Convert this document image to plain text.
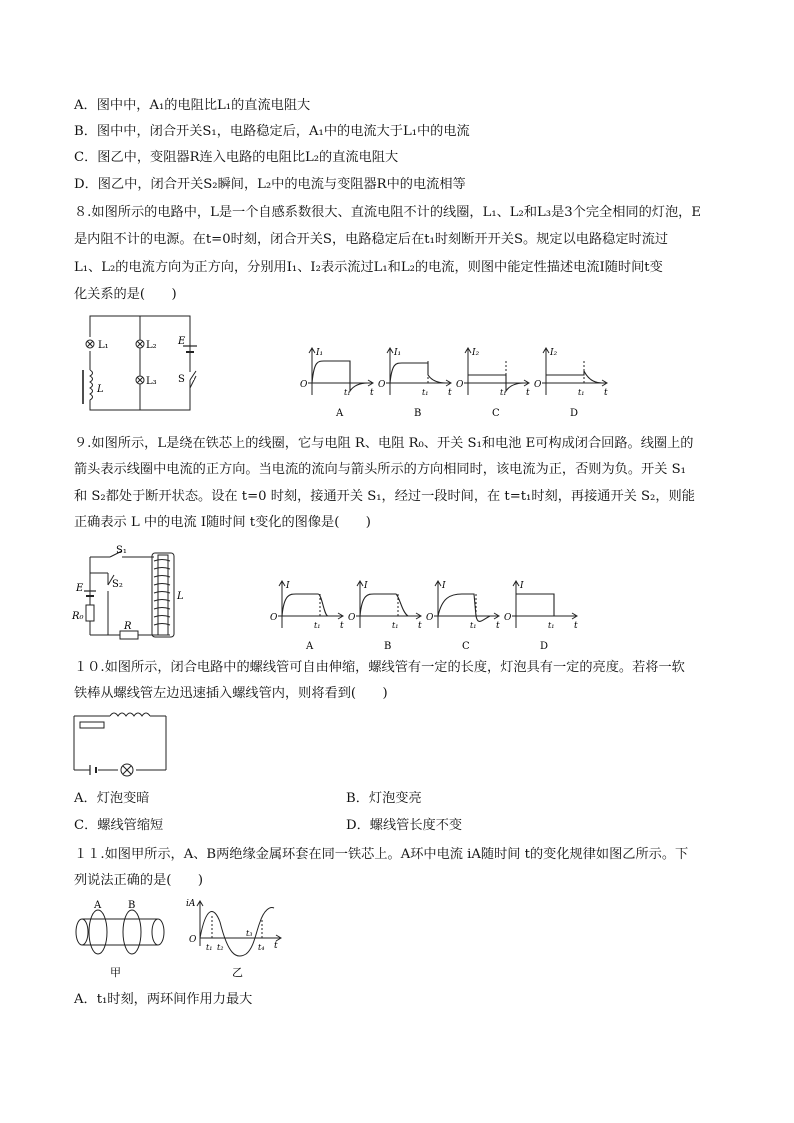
A．图中中，A₁的电阻比L₁的直流电阻大
B．图中中，闭合开关S₁，电路稳定后，A₁中的电流大于L₁中的电流
C．图乙中，变阻器R连入电路的电阻比L₂的直流电阻大
D．图乙中，闭合开关S₂瞬间，L₂中的电流与变阻器R中的电流相等
８.如图所示的电路中，L是一个自感系数很大、直流电阻不计的线圈，L₁、L₂和L₃是3个完全相同的灯泡，E
是内阻不计的电源。在t=0时刻，闭合开关S，电路稳定后在t₁时刻断开开关S。规定以电路稳定时流过
L₁、L₂的电流方向为正方向，分别用I₁、I₂表示流过L₁和L₂的电流，则图中能定性描述电流I随时间t变
化关系的是(　　)
L₁	L₂
L₃
L
E
S	O
I₁
t
t₁
A
O
I₁
t
t₁
B
O
I₂
t
t₁
C
O
I₂
t
t₁
D
９.如图所示，L是绕在铁芯上的线圈，它与电阻 R、电阻 R₀、开关 S₁和电池 E可构成闭合回路。线圈上的
箭头表示线圈中电流的正方向。当电流的流向与箭头所示的方向相同时，该电流为正，否则为负。开关 S₁
和 S₂都处于断开状态。设在 t=0 时刻，接通开关 S₁，经过一段时间，在 t=t₁时刻，再接通开关 S₂，则能
正确表示 L 中的电流 I随时间 t变化的图像是(　　)
S₁
S₂
E
R₀
R
L
O
I
t
t₁
A
O
I
t
t₁
B
O
I
t
t₁
C
O
I
t
t₁
D
１０.如图所示，闭合电路中的螺线管可自由伸缩，螺线管有一定的长度，灯泡具有一定的亮度。若将一软
铁棒从螺线管左边迅速插入螺线管内，则将看到(　　)
A．灯泡变暗	B．灯泡变亮
C．螺线管缩短	D．螺线管长度不变
１１.如图甲所示，A、B两绝缘金属环套在同一铁芯上。A环中电流 iA随时间 t的变化规律如图乙所示。下
列说法正确的是(　　)
A	B
甲
iA
O
t
t₁ t₂
t₃
t₄
乙
A．t₁时刻，两环间作用力最大
